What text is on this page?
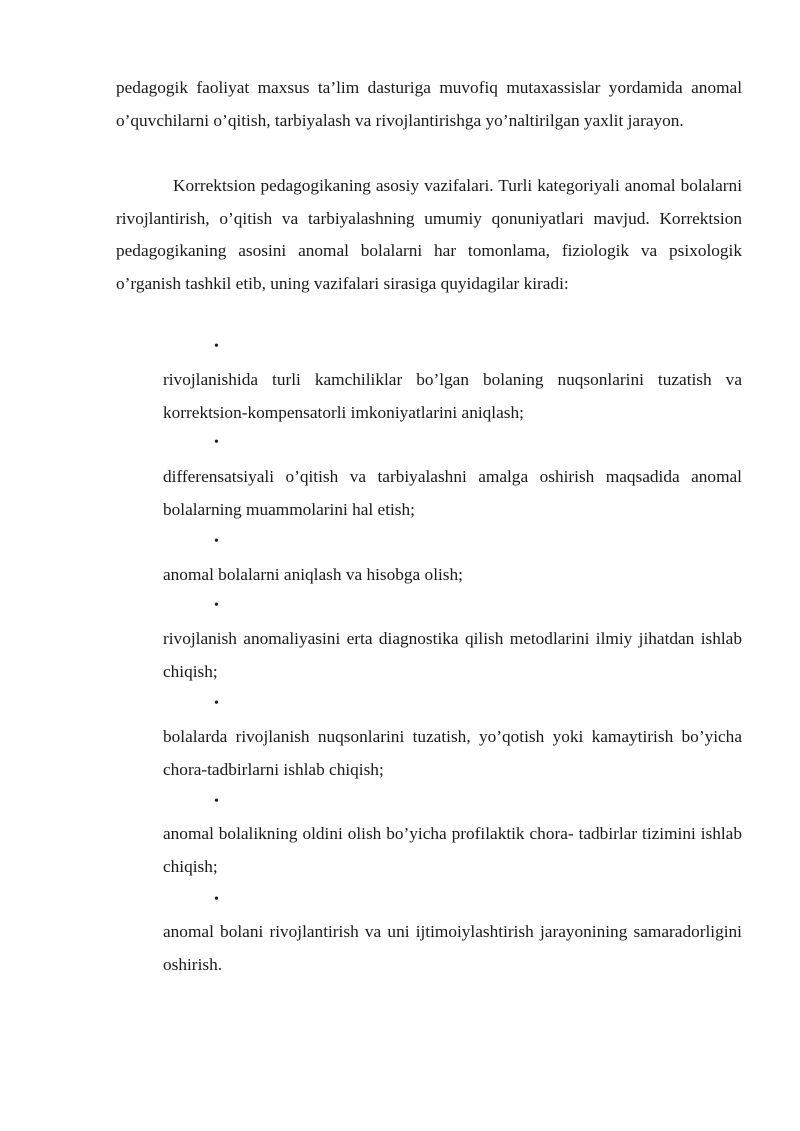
pedagogik faoliyat maxsus ta’lim dasturiga muvofiq mutaxassislar yordamida anomal o’quvchilarni o’qitish, tarbiyalash va rivojlantirishga yo’naltirilgan yaxlit jarayon.

Korrektsion pedagogikaning asosiy vazifalari. Turli kategoriyali anomal bolalarni rivojlantirish, o’qitish va tarbiyalashning umumiy qonuniyatlari mavjud. Korrektsion pedagogikaning asosini anomal bolalarni har tomonlama, fiziologik va psixologik o’rganish tashkil etib, uning vazifalari sirasiga quyidagilar kiradi:

•

rivojlanishida turli kamchiliklar bo’lgan bolaning nuqsonlarini tuzatish va korrektsion-kompensatorli imkoniyatlarini aniqlash;

•

differensatsiyali o’qitish va tarbiyalashni amalga oshirish maqsadida anomal bolalarning muammolarini hal etish;

•

anomal bolalarni aniqlash va hisobga olish;

•

rivojlanish anomaliyasini erta diagnostika qilish metodlarini ilmiy jihatdan ishlab chiqish;

•

bolalarda rivojlanish nuqsonlarini tuzatish, yo’qotish yoki kamaytirish bo’yicha chora-tadbirlarni ishlab chiqish;

•

anomal bolalikning oldini olish bo’yicha profilaktik chora- tadbirlar tizimini ishlab chiqish;

•

anomal bolani rivojlantirish va uni ijtimoiylashtirish jarayonining samaradorligini oshirish.
